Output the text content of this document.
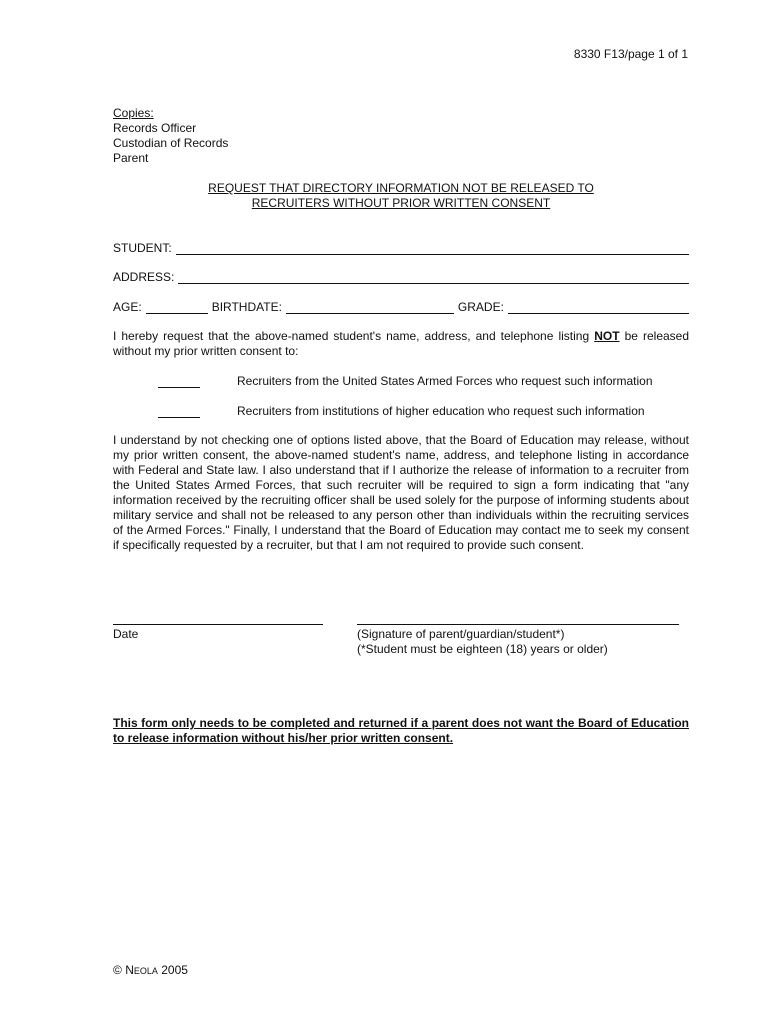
8330 F13/page 1 of 1
Copies:
Records Officer
Custodian of Records
Parent
REQUEST THAT DIRECTORY INFORMATION NOT BE RELEASED TO
RECRUITERS WITHOUT PRIOR WRITTEN CONSENT
STUDENT:
ADDRESS:
AGE:	BIRTHDATE:	GRADE:
I hereby request that the above-named student's name, address, and telephone listing NOT be released without my prior written consent to:
Recruiters from the United States Armed Forces who request such information
Recruiters from institutions of higher education who request such information
I understand by not checking one of options listed above, that the Board of Education may release, without my prior written consent, the above-named student's name, address, and telephone listing in accordance with Federal and State law. I also understand that if I authorize the release of information to a recruiter from the United States Armed Forces, that such recruiter will be required to sign a form indicating that "any information received by the recruiting officer shall be used solely for the purpose of informing students about military service and shall not be released to any person other than individuals within the recruiting services of the Armed Forces." Finally, I understand that the Board of Education may contact me to seek my consent if specifically requested by a recruiter, but that I am not required to provide such consent.
Date	(Signature of parent/guardian/student*)
(*Student must be eighteen (18) years or older)
This form only needs to be completed and returned if a parent does not want the Board of Education to release information without his/her prior written consent.
© NEOLA 2005
